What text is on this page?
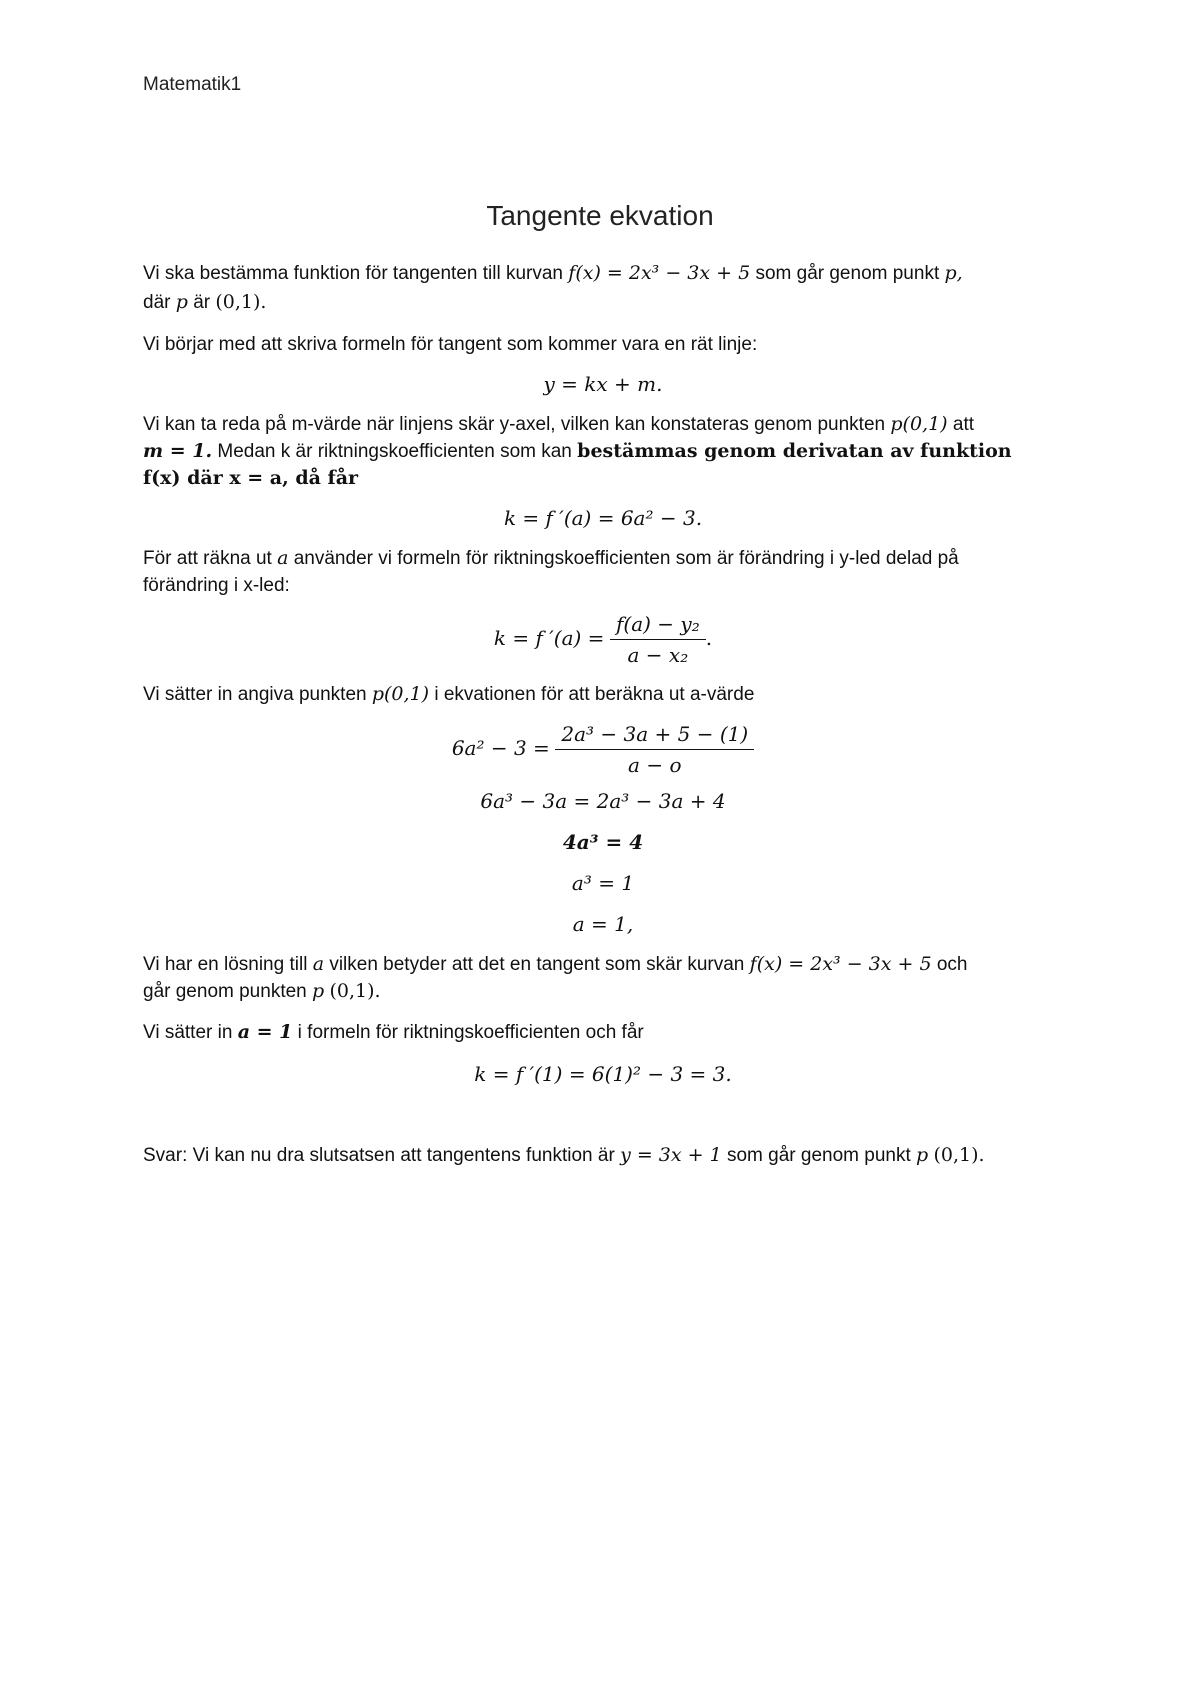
Matematik1
Tangente ekvation
Vi ska bestämma funktion för tangenten till kurvan f(x) = 2x³ − 3x + 5 som går genom punkt p,
där p är (0,1).
Vi börjar med att skriva formeln för tangent som kommer vara en rät linje:
y = kx + m.
Vi kan ta reda på m-värde när linjens skär y-axel, vilken kan konstateras genom punkten p(0,1) att
m = 1. Medan k är riktningskoefficienten som kan bestämmas genom derivatan av funktion
f(x) där x = a, då får
k = f ′(a) = 6a² − 3.
För att räkna ut a använder vi formeln för riktningskoefficienten som är förändring i y-led delad på
förändring i x-led:
k = f $'(a) = \frac{\text{f(a) − y₂}}{\text{a − x₂}}$ .
Vi sätter in angiva punkten p(0,1) i ekvationen för att beräkna ut a-värde
$6a^2 - 3 = \frac{\text{2a³ − 3a + 5 − (1)}}{a - o}$
6a³ − 3a = 2a³ − 3a + 4
4a³ = 4
a³ = 1
a = 1,
Vi har en lösning till a vilken betyder att det en tangent som skär kurvan f(x) = 2x³ − 3x + 5 och
går genom punkten p (0,1).
Vi sätter in a = 1 i formeln för riktningskoefficienten och får
k = f ′(1) = 6(1)² − 3 = 3.
Svar: Vi kan nu dra slutsatsen att tangentens funktion är y = 3x + 1 som går genom punkt p (0,1).
